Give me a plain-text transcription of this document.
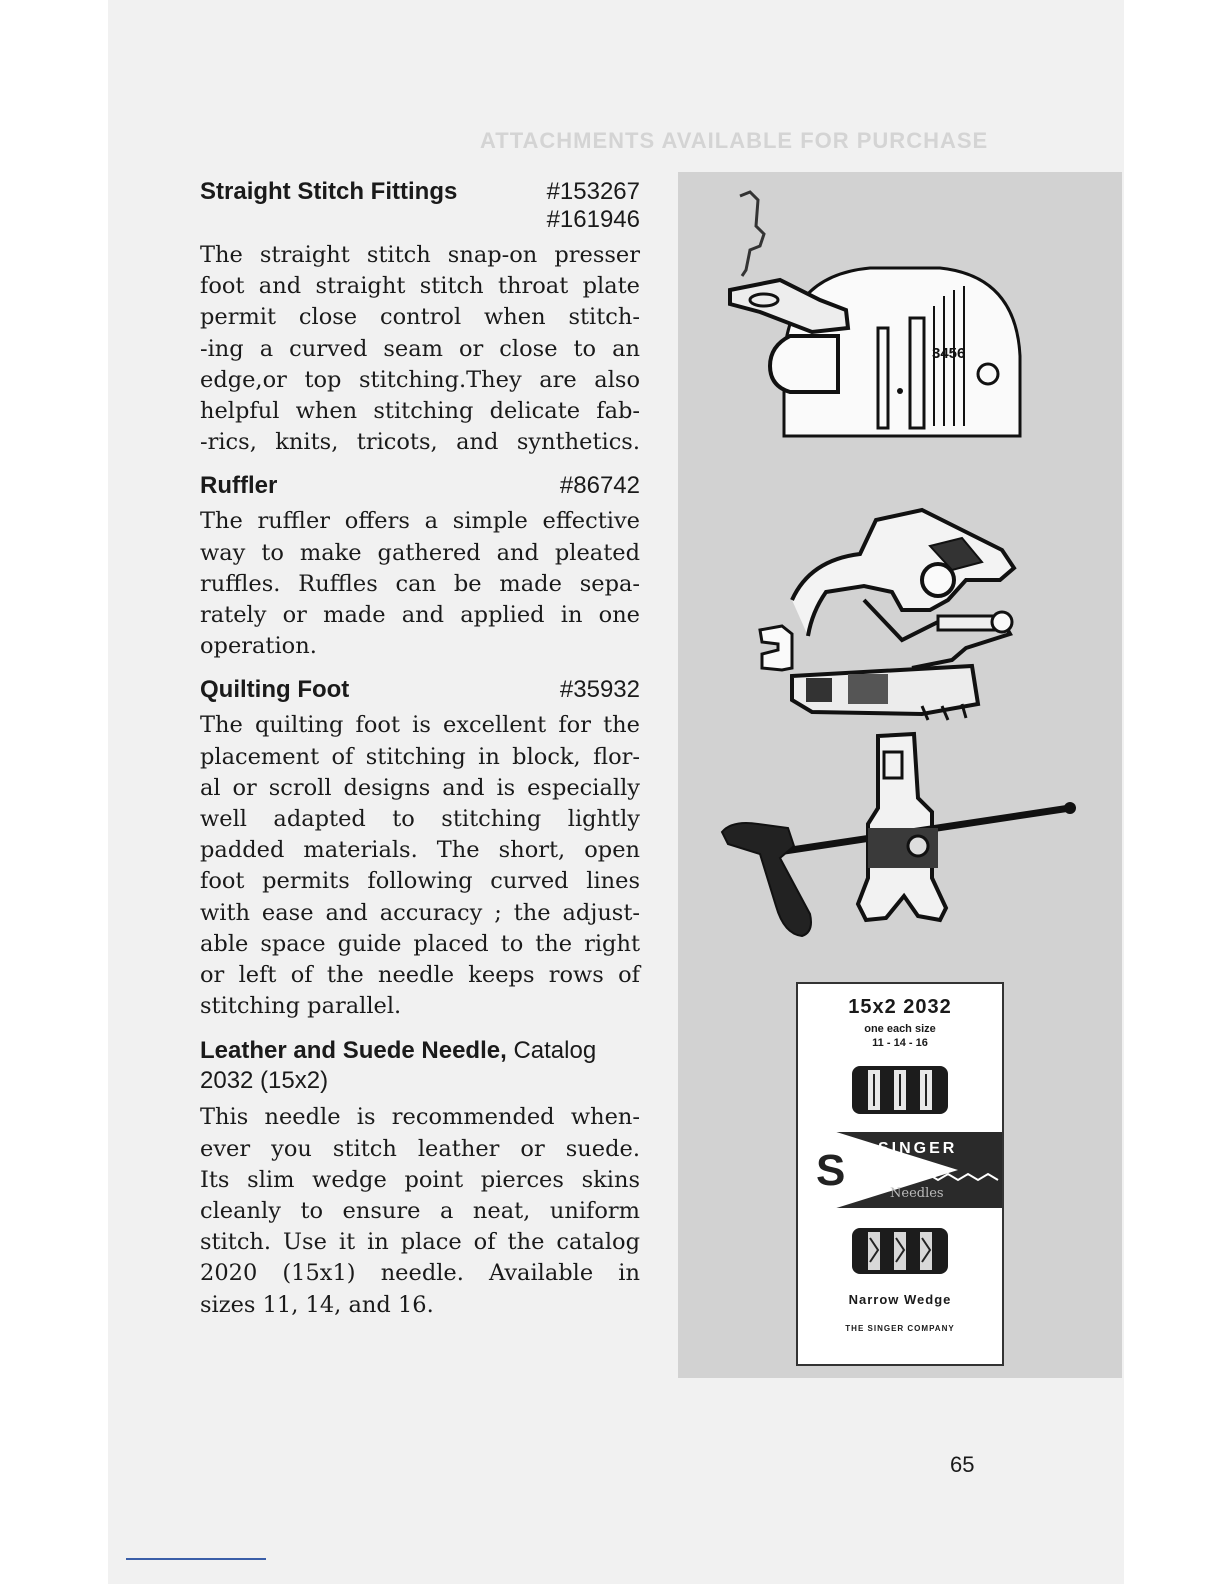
ATTACHMENTS AVAILABLE FOR PURCHASE
Straight Stitch Fittings	#153267
#161946
The straight stitch snap-on presser
foot and straight stitch throat plate
permit close control when stitch-
-ing a curved seam or close to an
edge,or top stitching.They are also
helpful when stitching delicate fab-
-rics, knits, tricots, and synthetics.
Ruffler	#86742
The ruffler offers a simple effective
way to make gathered and pleated
ruffles. Ruffles can be made sepa-
rately or made and applied in one
operation.
Quilting Foot	#35932
The quilting foot is excellent for the
placement of stitching in block, flor-
al or scroll designs and is especially
well adapted to stitching lightly
padded materials. The short, open
foot permits following curved lines
with ease and accuracy ; the adjust-
able space guide placed to the right
or left of the needle keeps rows of
stitching parallel.
Leather and Suede Needle, Catalog
2032 (15x2)
This needle is recommended when-
ever you stitch leather or suede.
Its slim wedge point pierces skins
cleanly to ensure a neat, uniform
stitch. Use it in place of the catalog
2020 (15x1) needle. Available in
sizes 11, 14, and 16.
3456
15x2 2032
one each size
11 - 14 - 16
S SINGER
Needles
Narrow Wedge
THE SINGER COMPANY
65
